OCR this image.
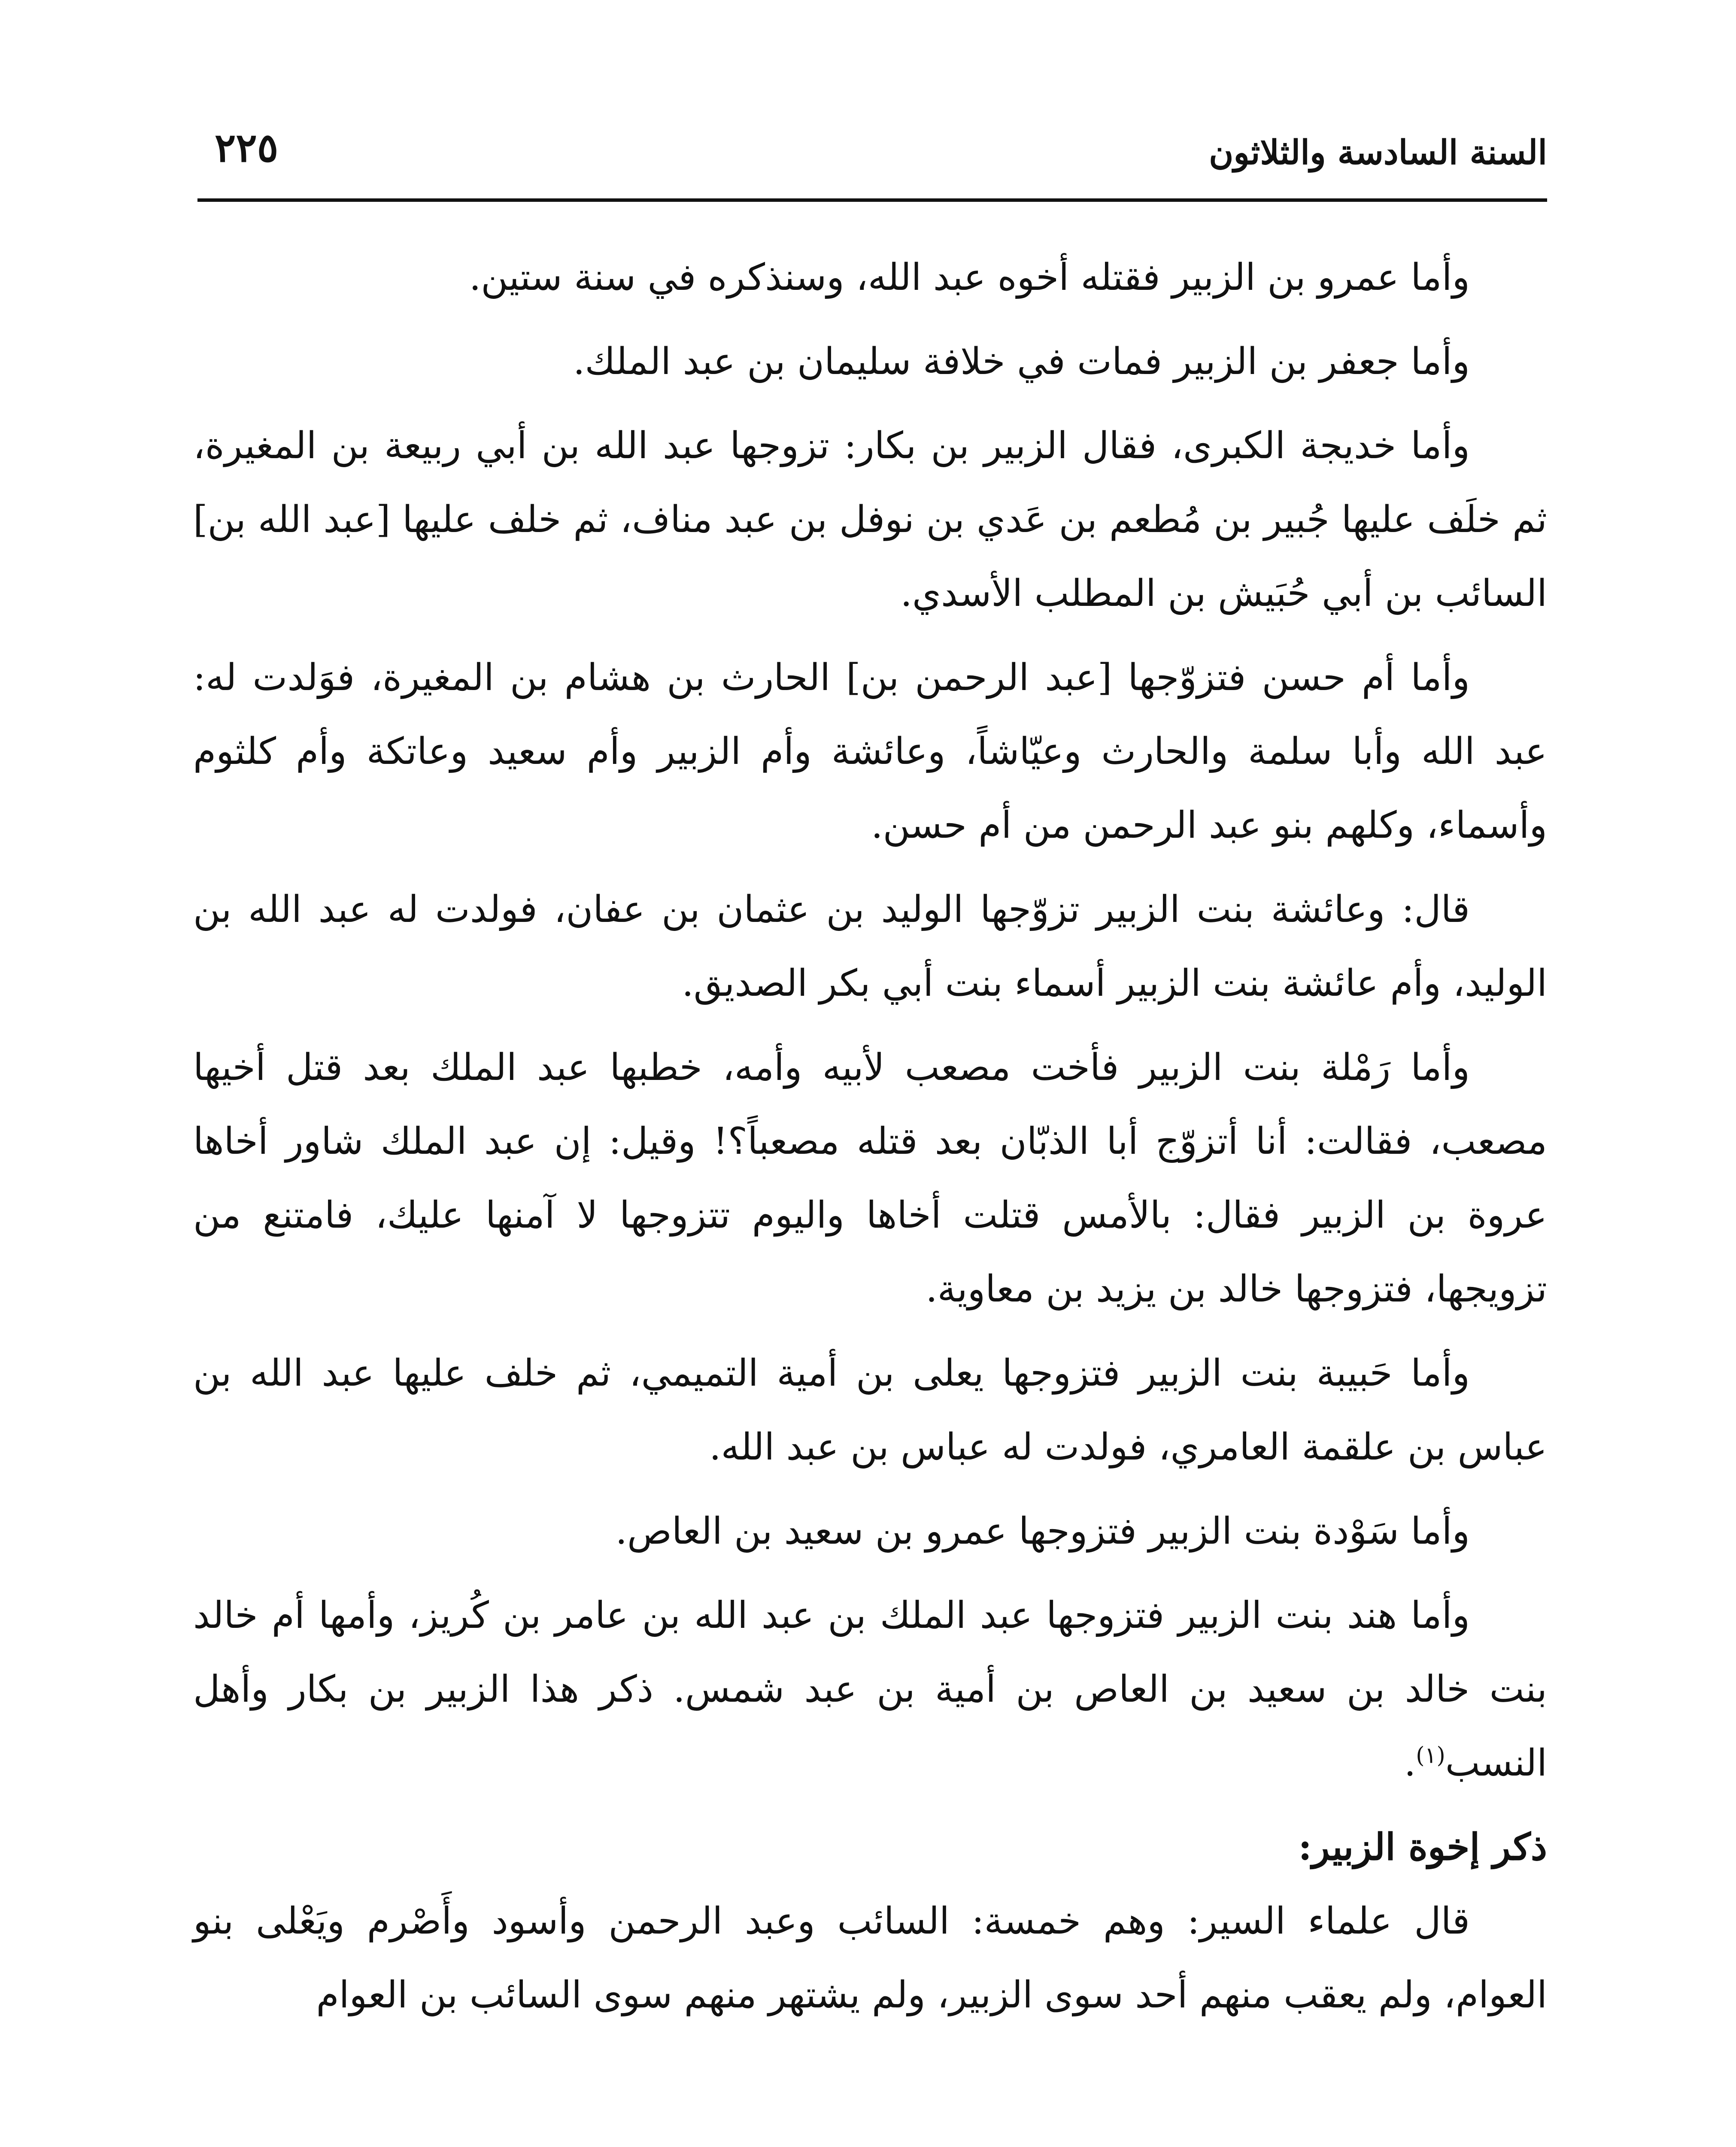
السنة السادسة والثلاثون
٢٢٥

وأما عمرو بن الزبير فقتله أخوه عبد الله، وسنذكره في سنة ستين.

وأما جعفر بن الزبير فمات في خلافة سليمان بن عبد الملك.

وأما خديجة الكبرى، فقال الزبير بن بكار: تزوجها عبد الله بن أبي ربيعة بن المغيرة، ثم خلَف عليها جُبير بن مُطعم بن عَدي بن نوفل بن عبد مناف، ثم خلف عليها [عبد الله بن] السائب بن أبي حُبَيش بن المطلب الأسدي.

وأما أم حسن فتزوّجها [عبد الرحمن بن] الحارث بن هشام بن المغيرة، فوَلدت له: عبد الله وأبا سلمة والحارث وعيّاشاً، وعائشة وأم الزبير وأم سعيد وعاتكة وأم كلثوم وأسماء، وكلهم بنو عبد الرحمن من أم حسن.

قال: وعائشة بنت الزبير تزوّجها الوليد بن عثمان بن عفان، فولدت له عبد الله بن الوليد، وأم عائشة بنت الزبير أسماء بنت أبي بكر الصديق.

وأما رَمْلة بنت الزبير فأخت مصعب لأبيه وأمه، خطبها عبد الملك بعد قتل أخيها مصعب، فقالت: أنا أتزوّج أبا الذبّان بعد قتله مصعباً؟! وقيل: إن عبد الملك شاور أخاها عروة بن الزبير فقال: بالأمس قتلت أخاها واليوم تتزوجها لا آمنها عليك، فامتنع من تزويجها، فتزوجها خالد بن يزيد بن معاوية.

وأما حَبيبة بنت الزبير فتزوجها يعلى بن أمية التميمي، ثم خلف عليها عبد الله بن عباس بن علقمة العامري، فولدت له عباس بن عبد الله.

وأما سَوْدة بنت الزبير فتزوجها عمرو بن سعيد بن العاص.

وأما هند بنت الزبير فتزوجها عبد الملك بن عبد الله بن عامر بن كُريز، وأمها أم خالد بنت خالد بن سعيد بن العاص بن أمية بن عبد شمس. ذكر هذا الزبير بن بكار وأهل النسب$^{(١)}$.

ذكر إخوة الزبير:

قال علماء السير: وهم خمسة: السائب وعبد الرحمن وأسود وأَصْرم ويَعْلى بنو العوام، ولم يعقب منهم أحد سوى الزبير، ولم يشتهر منهم سوى السائب بن العوام
